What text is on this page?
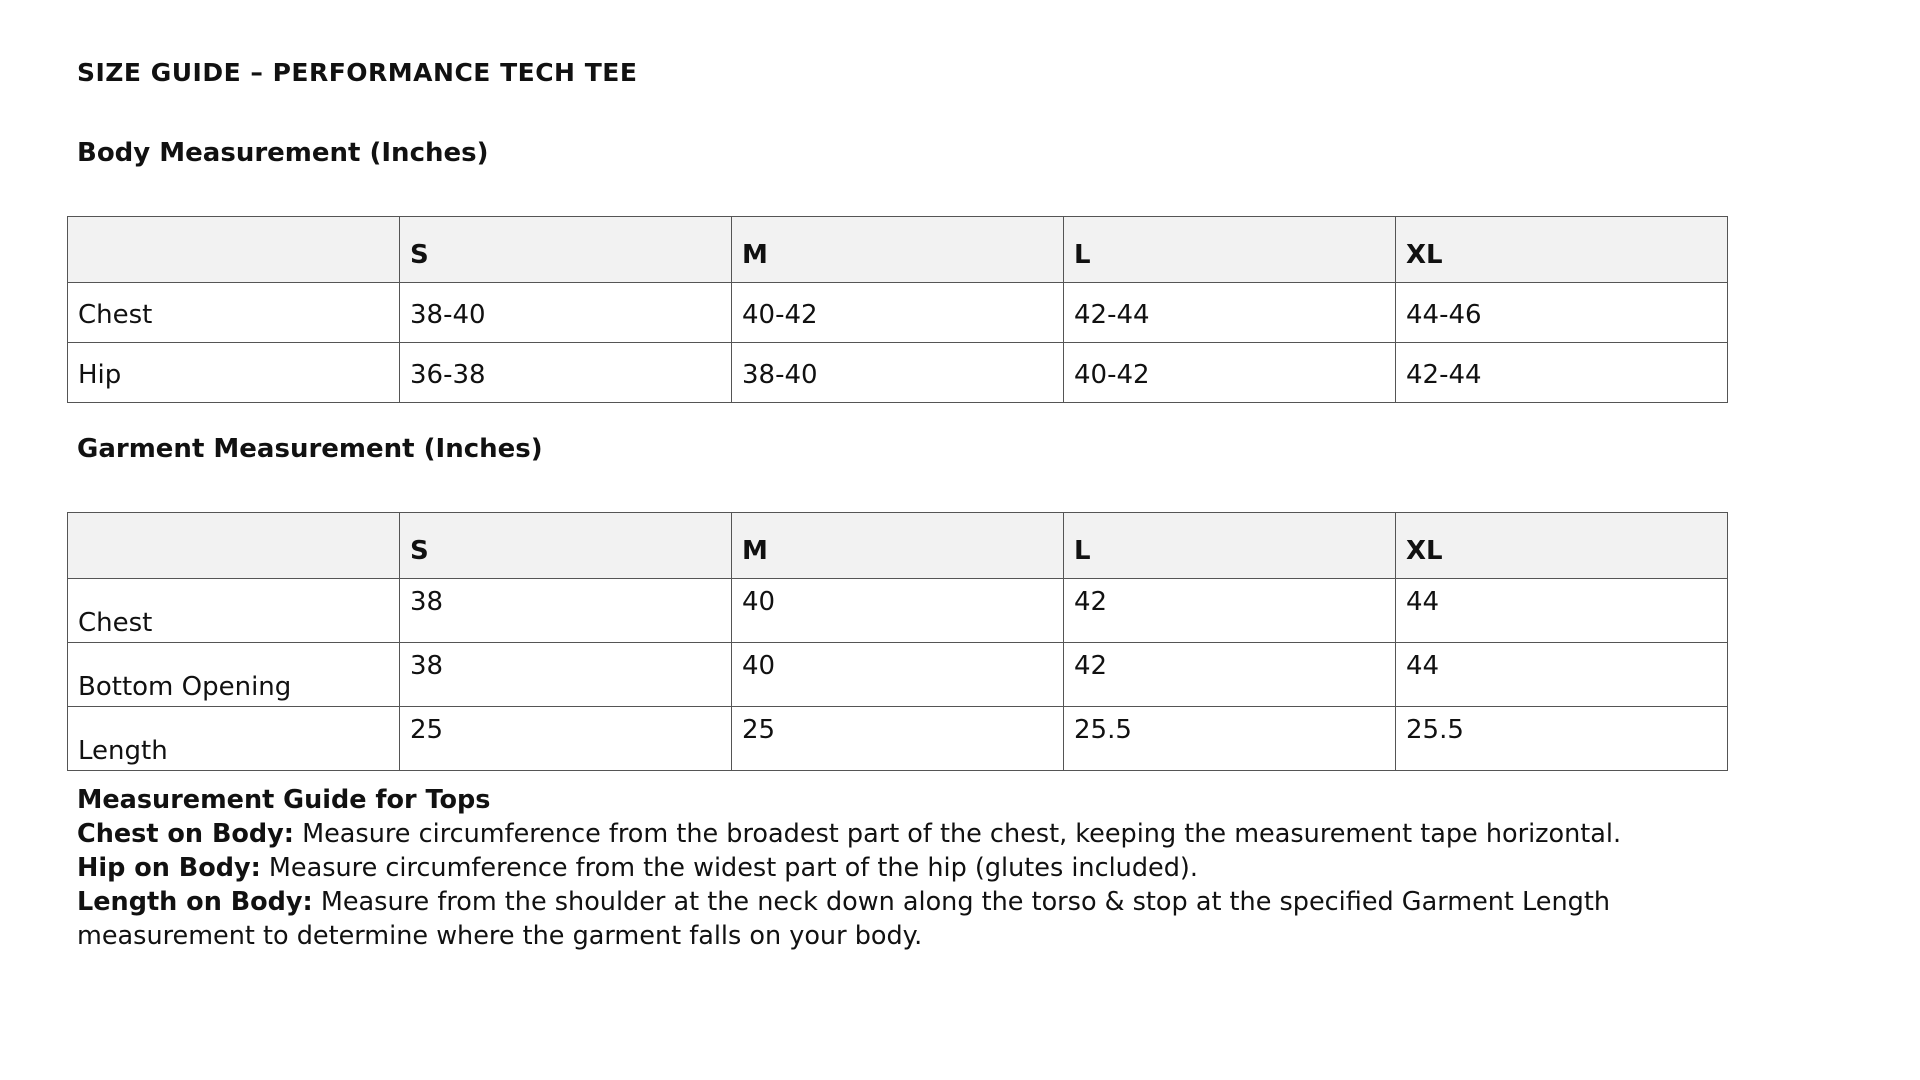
SIZE GUIDE – PERFORMANCE TECH TEE
Body Measurement (Inches)
	S	M	L	XL
Chest	38-40	40-42	42-44	44-46
Hip	36-38	38-40	40-42	42-44
Garment Measurement (Inches)
	S	M	L	XL
Chest	38	40	42	44
Bottom Opening	38	40	42	44
Length	25	25	25.5	25.5
Measurement Guide for Tops
Chest on Body: Measure circumference from the broadest part of the chest, keeping the measurement tape horizontal.
Hip on Body: Measure circumference from the widest part of the hip (glutes included).
Length on Body: Measure from the shoulder at the neck down along the torso & stop at the specified Garment Length measurement to determine where the garment falls on your body.
